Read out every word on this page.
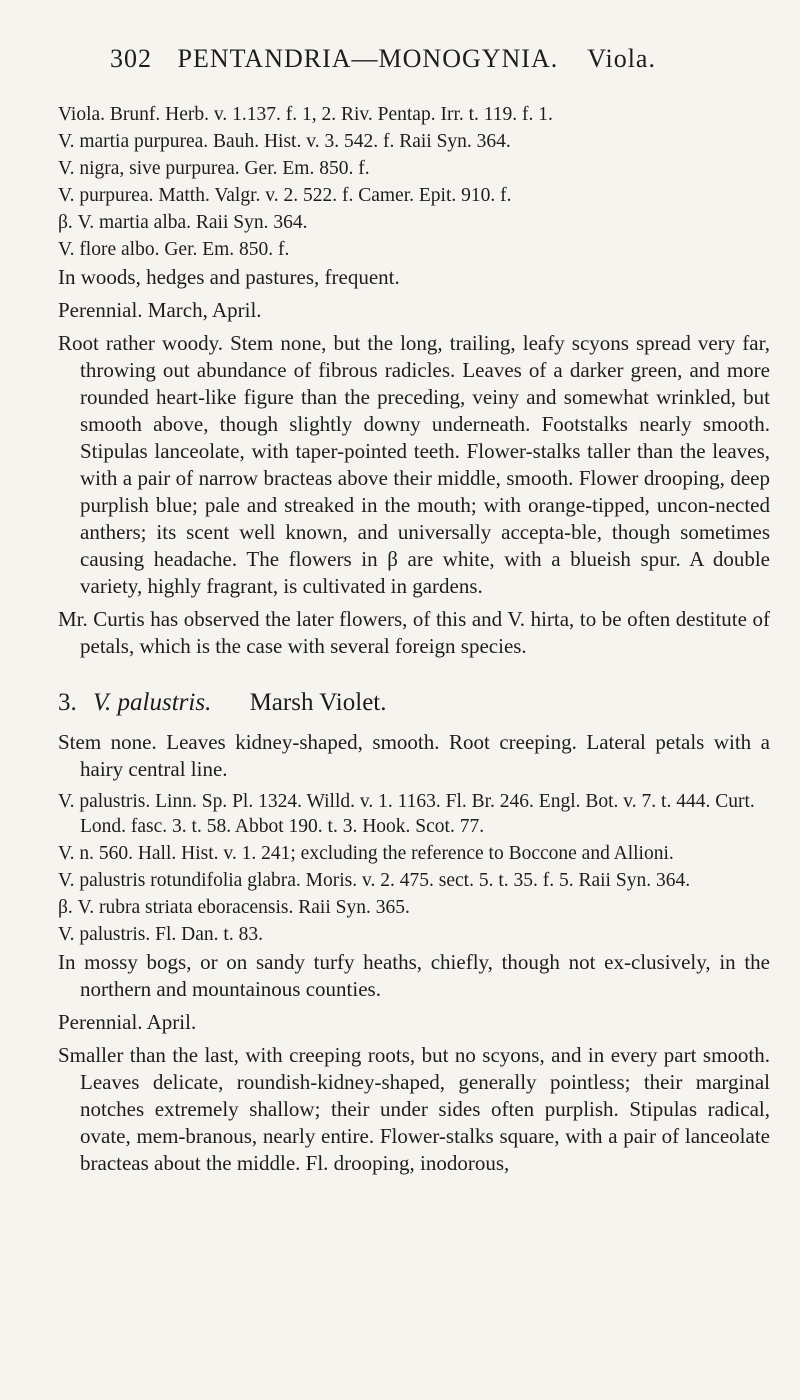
302 PENTANDRIA—MONOGYNIA. Viola.
Viola. Brunf. Herb. v. 1.137. f. 1, 2. Riv. Pentap. Irr. t. 119. f. 1.
V. martia purpurea. Bauh. Hist. v. 3. 542. f. Raii Syn. 364.
V. nigra, sive purpurea. Ger. Em. 850. f.
V. purpurea. Matth. Valgr. v. 2. 522. f. Camer. Epit. 910. f.
β. V. martia alba. Raii Syn. 364.
V. flore albo. Ger. Em. 850. f.
In woods, hedges and pastures, frequent.
Perennial. March, April.
Root rather woody. Stem none, but the long, trailing, leafy scyons spread very far, throwing out abundance of fibrous radicles. Leaves of a darker green, and more rounded heart-like figure than the preceding, veiny and somewhat wrinkled, but smooth above, though slightly downy underneath. Footstalks nearly smooth. Stipulas lanceolate, with taper-pointed teeth. Flower-stalks taller than the leaves, with a pair of narrow bracteas above their middle, smooth. Flower drooping, deep purplish blue; pale and streaked in the mouth; with orange-tipped, uncon-nected anthers; its scent well known, and universally accepta-ble, though sometimes causing headache. The flowers in β are white, with a blueish spur. A double variety, highly fragrant, is cultivated in gardens.
Mr. Curtis has observed the later flowers, of this and V. hirta, to be often destitute of petals, which is the case with several foreign species.
3. V. palustris. Marsh Violet.
Stem none. Leaves kidney-shaped, smooth. Root creeping. Lateral petals with a hairy central line.
V. palustris. Linn. Sp. Pl. 1324. Willd. v. 1. 1163. Fl. Br. 246. Engl. Bot. v. 7. t. 444. Curt. Lond. fasc. 3. t. 58. Abbot 190. t. 3. Hook. Scot. 77.
V. n. 560. Hall. Hist. v. 1. 241; excluding the reference to Boccone and Allioni.
V. palustris rotundifolia glabra. Moris. v. 2. 475. sect. 5. t. 35. f. 5. Raii Syn. 364.
β. V. rubra striata eboracensis. Raii Syn. 365.
V. palustris. Fl. Dan. t. 83.
In mossy bogs, or on sandy turfy heaths, chiefly, though not ex-clusively, in the northern and mountainous counties.
Perennial. April.
Smaller than the last, with creeping roots, but no scyons, and in every part smooth. Leaves delicate, roundish-kidney-shaped, generally pointless; their marginal notches extremely shallow; their under sides often purplish. Stipulas radical, ovate, mem-branous, nearly entire. Flower-stalks square, with a pair of lanceolate bracteas about the middle. Fl. drooping, inodorous,
